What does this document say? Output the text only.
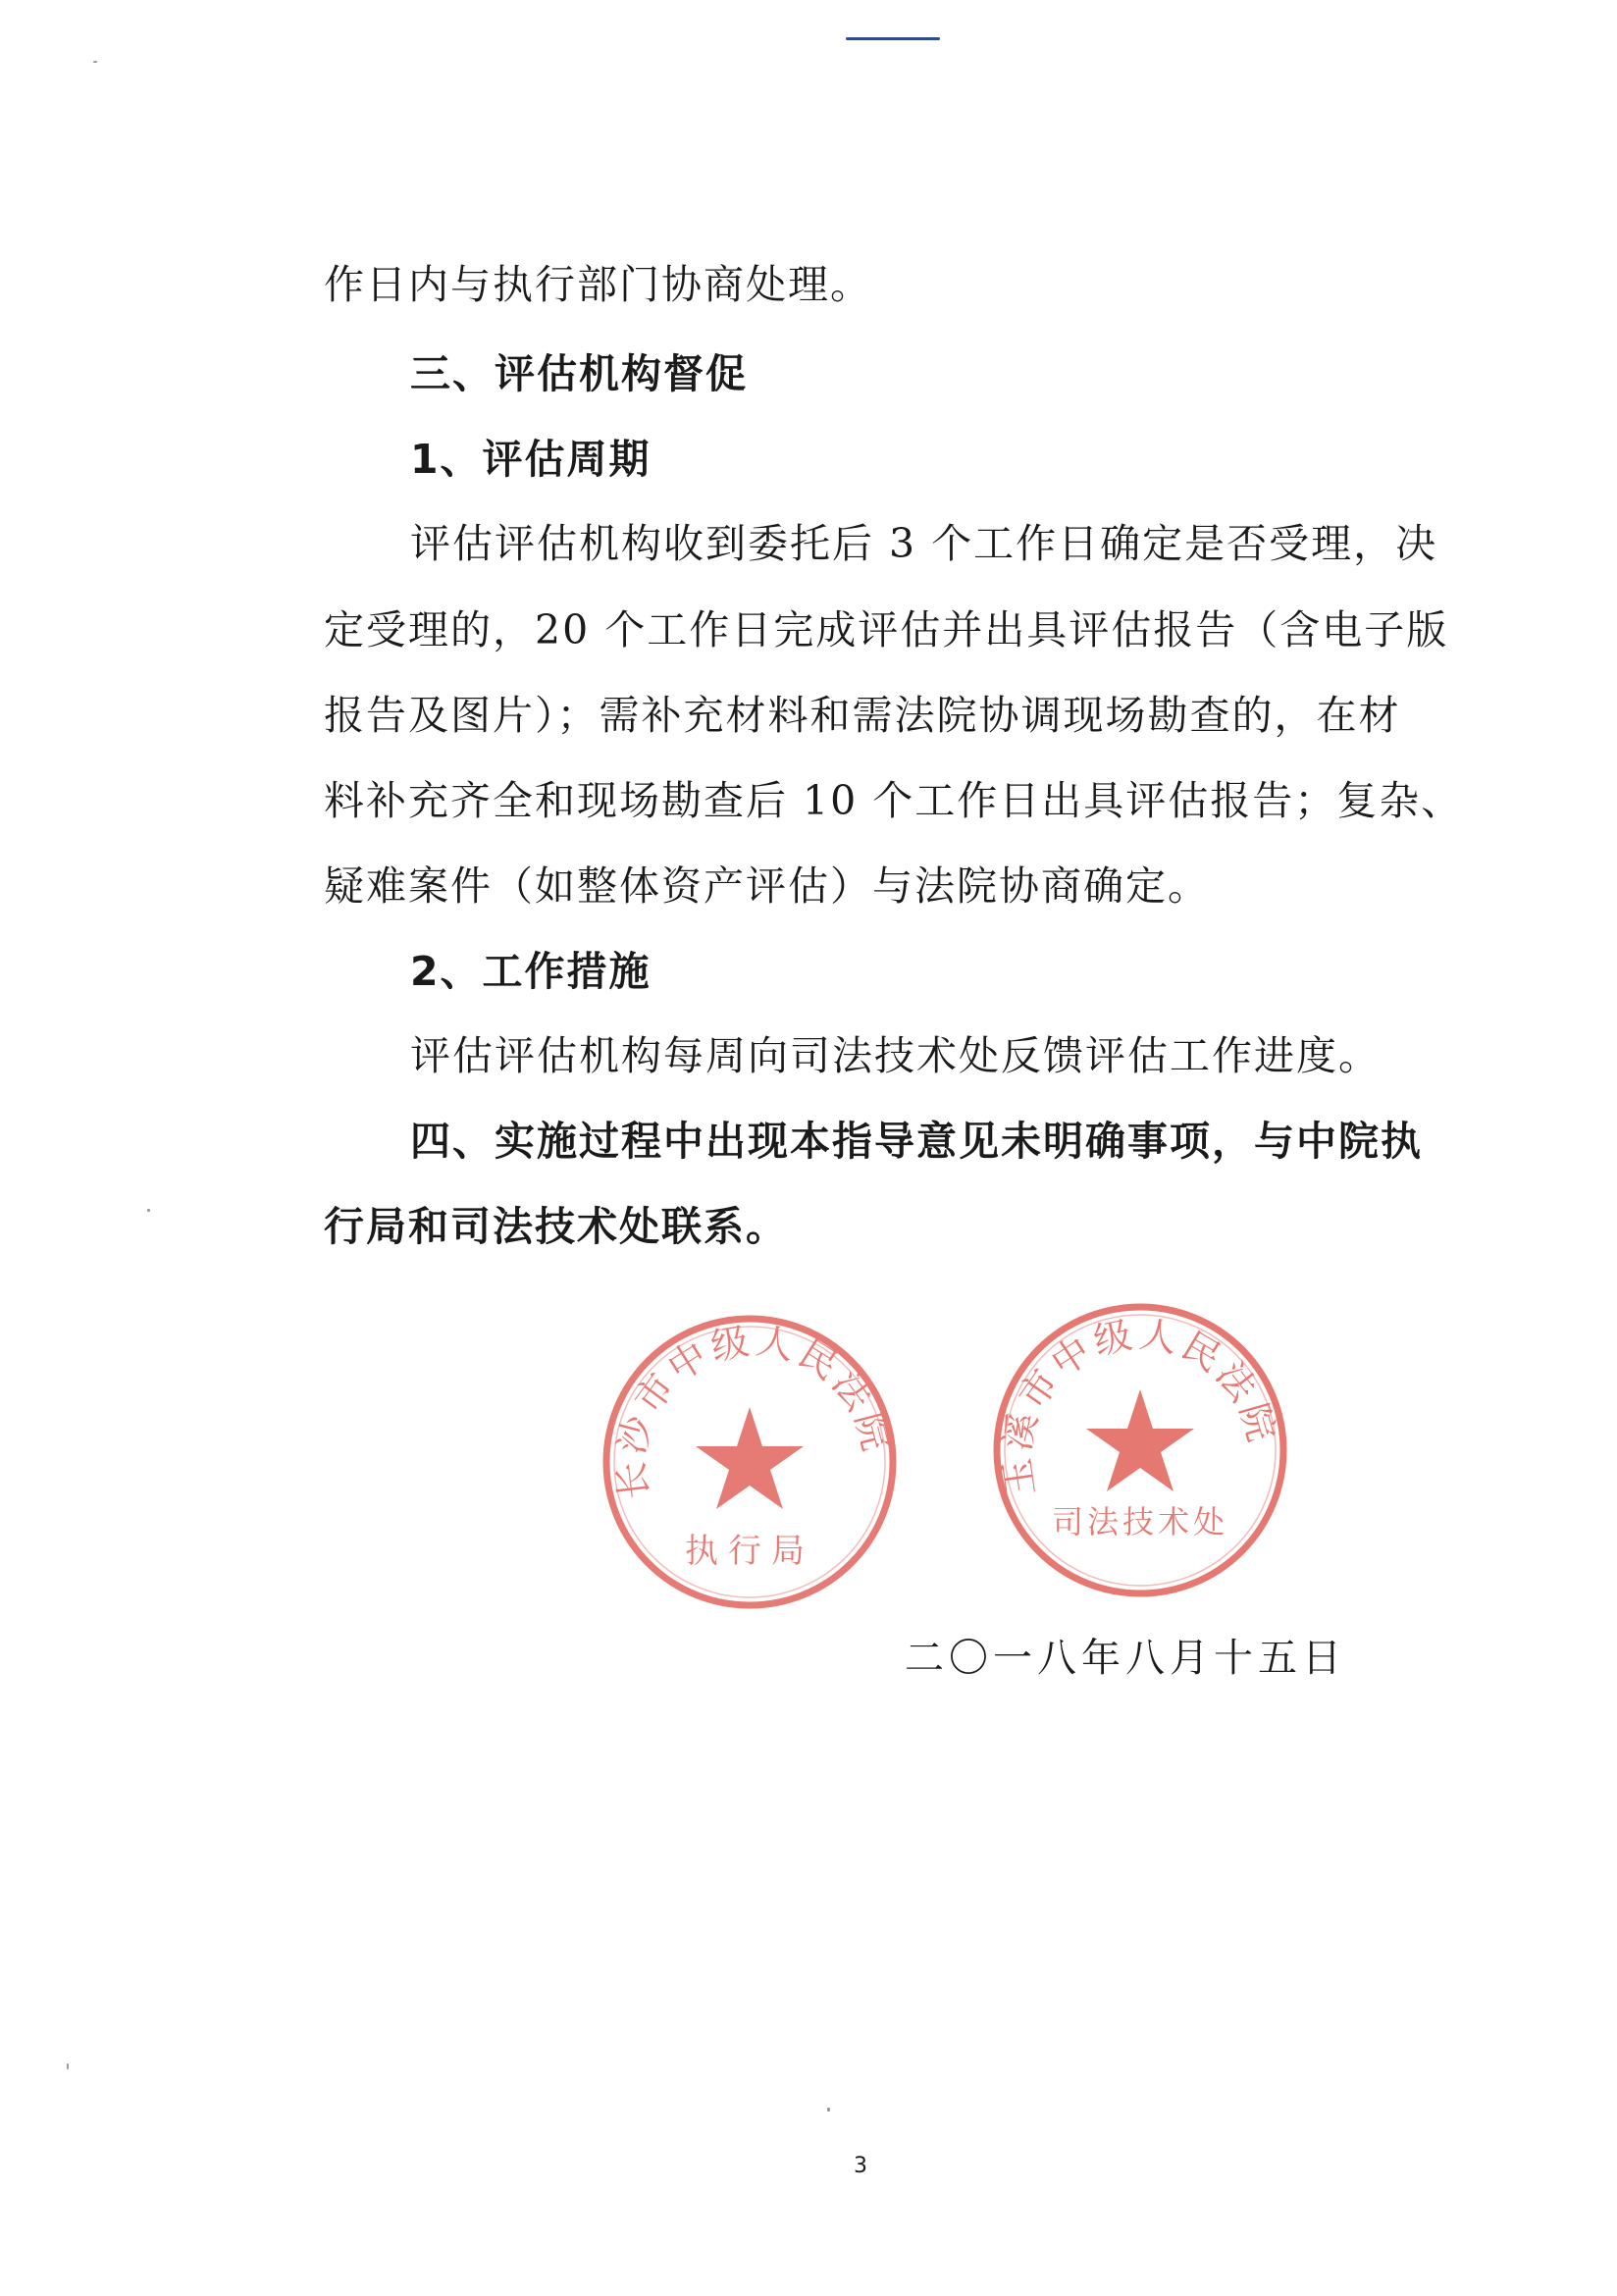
作日内与执行部门协商处理。
三、评估机构督促
1、评估周期
评估评估机构收到委托后 3 个工作日确定是否受理，决
定受理的，20 个工作日完成评估并出具评估报告（含电子版
报告及图片）；需补充材料和需法院协调现场勘查的，在材
料补充齐全和现场勘查后 10 个工作日出具评估报告；复杂、
疑难案件（如整体资产评估）与法院协商确定。
2、工作措施
评估评估机构每周向司法技术处反馈评估工作进度。
四、实施过程中出现本指导意见未明确事项，与中院执
行局和司法技术处联系。
长沙市中级人民法院
执行局
玉溪市中级人民法院
司法技术处
二〇一八年八月十五日
3
